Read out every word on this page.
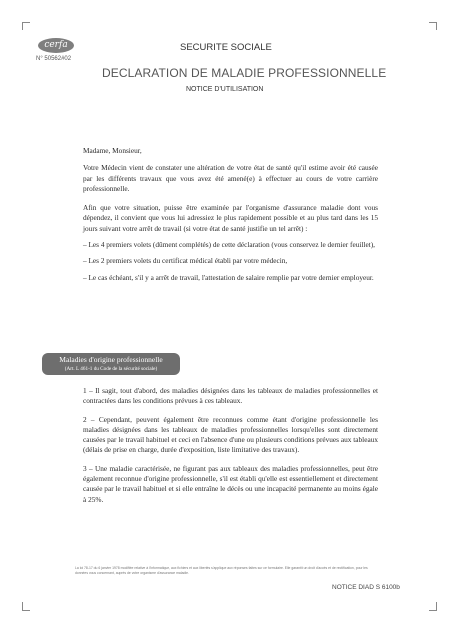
cerfa
N° 50562#02
SECURITE SOCIALE
DECLARATION DE MALADIE PROFESSIONNELLE
NOTICE D'UTILISATION

Madame, Monsieur,

Votre Médecin vient de constater une altération de votre état de santé qu'il estime avoir été causée par les différents travaux que vous avez été amené(e) à effectuer au cours de votre carrière professionnelle.

Afin que votre situation, puisse être examinée par l'organisme d'assurance maladie dont vous dépendez, il convient que vous lui adressiez le plus rapidement possible et au plus tard dans les 15 jours suivant votre arrêt de travail (si votre état de santé justifie un tel arrêt) :

– Les 4 premiers volets (dûment complétés) de cette déclaration (vous conservez le dernier feuillet),

– Les 2 premiers volets du certificat médical établi par votre médecin,

– Le cas échéant, s'il y a arrêt de travail, l'attestation de salaire remplie par votre dernier employeur.

Maladies d'origine professionnelle
(Art. L 461-1 du Code de la sécurité sociale)

1 – Il sagit, tout d'abord, des maladies désignées dans les tableaux de maladies professionnelles et contractées dans les conditions prévues à ces tableaux.

2 – Cependant, peuvent également être reconnues comme étant d'origine professionnelle les maladies désignées dans les tableaux de maladies professionnelles lorsqu'elles sont directement causées par le travail habituel et ceci en l'absence d'une ou plusieurs conditions prévues aux tableaux (délais de prise en charge, durée d'exposition, liste limitative des travaux).

3 – Une maladie caractérisée, ne figurant pas aux tableaux des maladies professionnelles, peut être également reconnue d'origine professionnelle, s'il est établi qu'elle est essentiellement et directement causée par le travail habituel et si elle entraîne le décès ou une incapacité permanente au moins égale à 25%.

La loi 78-17 du 6 janvier 1978 modifiée relative à l'informatique, aux fichiers et aux libertés s'applique aux réponses faites sur ce formulaire. Elle garantit un droit d'accès et de rectification, pour les données vous concernant, auprès de votre organisme d'assurance maladie.
NOTICE DIAD S 6100b
